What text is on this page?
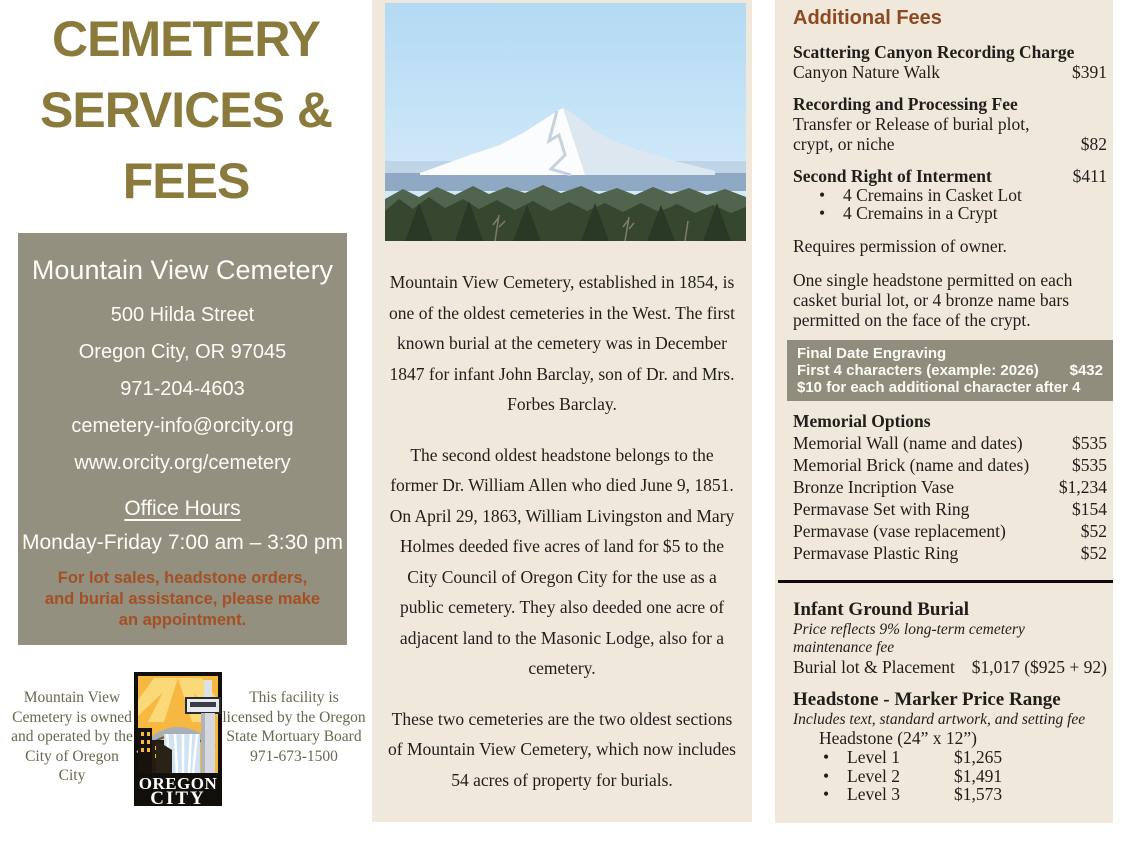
CEMETERY
SERVICES &
FEES
Mountain View Cemetery
500 Hilda Street
Oregon City, OR 97045
971-204-4603
cemetery-info@orcity.org
www.orcity.org/cemetery
Office Hours
Monday-Friday 7:00 am – 3:30 pm
For lot sales, headstone orders, and burial assistance, please make an appointment.
Mountain View Cemetery is owned and operated by the City of Oregon City	OREGON
CITY
This facility is licensed by the Oregon State Mortuary Board
971-673-1500

Mountain View Cemetery, established in 1854, is one of the oldest cemeteries in the West. The first known burial at the cemetery was in December 1847 for infant John Barclay, son of Dr. and Mrs. Forbes Barclay.

The second oldest headstone belongs to the former Dr. William Allen who died June 9, 1851. On April 29, 1863, William Livingston and Mary Holmes deeded five acres of land for $5 to the City Council of Oregon City for the use as a public cemetery. They also deeded one acre of adjacent land to the Masonic Lodge, also for a cemetery.

These two cemeteries are the two oldest sections of Mountain View Cemetery, which now includes 54 acres of property for burials.

Additional Fees
Scattering Canyon Recording Charge
Canyon Nature Walk	$391
Recording and Processing Fee
Transfer or Release of burial plot,
crypt, or niche	$82
Second Right of Interment	$411
•
4 Cremains in Casket Lot
•
4 Cremains in a Crypt
Requires permission of owner.
One single headstone permitted on each casket burial lot, or 4 bronze name bars permitted on the face of the crypt.
Final Date Engraving
First 4 characters (example: 2026) $432
$10 for each additional character after 4
Memorial Options
Memorial Wall (name and dates)	$535
Memorial Brick (name and dates) $535
Bronze Incription Vase	$1,234
Permavase Set with Ring	$154
Permavase (vase replacement)	$52
Permavase Plastic Ring	$52
Infant Ground Burial
Price reflects 9% long-term cemetery maintenance fee
Burial lot & Placement $1,017 ($925 + 92)
Headstone - Marker Price Range
Includes text, standard artwork, and setting fee
Headstone (24” x 12”)
•
Level 1	$1,265
•
Level 2	$1,491
•
Level 3	$1,573
